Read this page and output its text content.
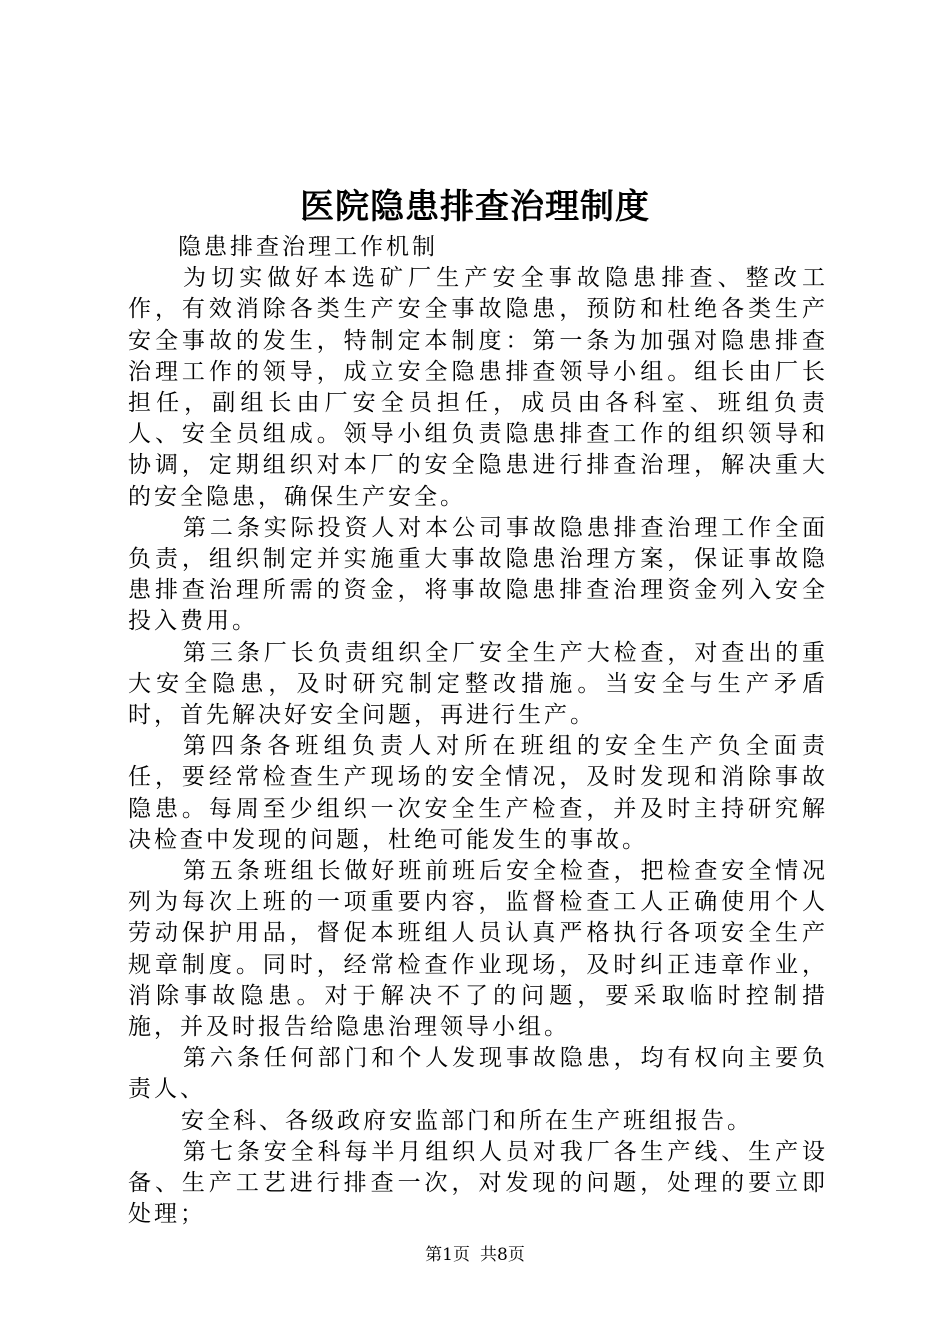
医院隐患排查治理制度

隐患排查治理工作机制

为切实做好本选矿厂生产安全事故隐患排查、整改工作，有效消除各类生产安全事故隐患，预防和杜绝各类生产安全事故的发生，特制定本制度：第一条为加强对隐患排查治理工作的领导，成立安全隐患排查领导小组。组长由厂长担任，副组长由厂安全员担任，成员由各科室、班组负责人、安全员组成。领导小组负责隐患排查工作的组织领导和协调，定期组织对本厂的安全隐患进行排查治理，解决重大的安全隐患，确保生产安全。

第二条实际投资人对本公司事故隐患排查治理工作全面负责，组织制定并实施重大事故隐患治理方案，保证事故隐患排查治理所需的资金，将事故隐患排查治理资金列入安全投入费用。

第三条厂长负责组织全厂安全生产大检查，对查出的重大安全隐患，及时研究制定整改措施。当安全与生产矛盾时，首先解决好安全问题，再进行生产。

第四条各班组负责人对所在班组的安全生产负全面责任，要经常检查生产现场的安全情况，及时发现和消除事故隐患。每周至少组织一次安全生产检查，并及时主持研究解决检查中发现的问题，杜绝可能发生的事故。

第五条班组长做好班前班后安全检查，把检查安全情况列为每次上班的一项重要内容，监督检查工人正确使用个人劳动保护用品，督促本班组人员认真严格执行各项安全生产规章制度。同时，经常检查作业现场，及时纠正违章作业，消除事故隐患。对于解决不了的问题，要采取临时控制措施，并及时报告给隐患治理领导小组。

第六条任何部门和个人发现事故隐患，均有权向主要负责人、

安全科、各级政府安监部门和所在生产班组报告。

第七条安全科每半月组织人员对我厂各生产线、生产设备、生产工艺进行排查一次，对发现的问题，处理的要立即处理；

第1页 共8页
